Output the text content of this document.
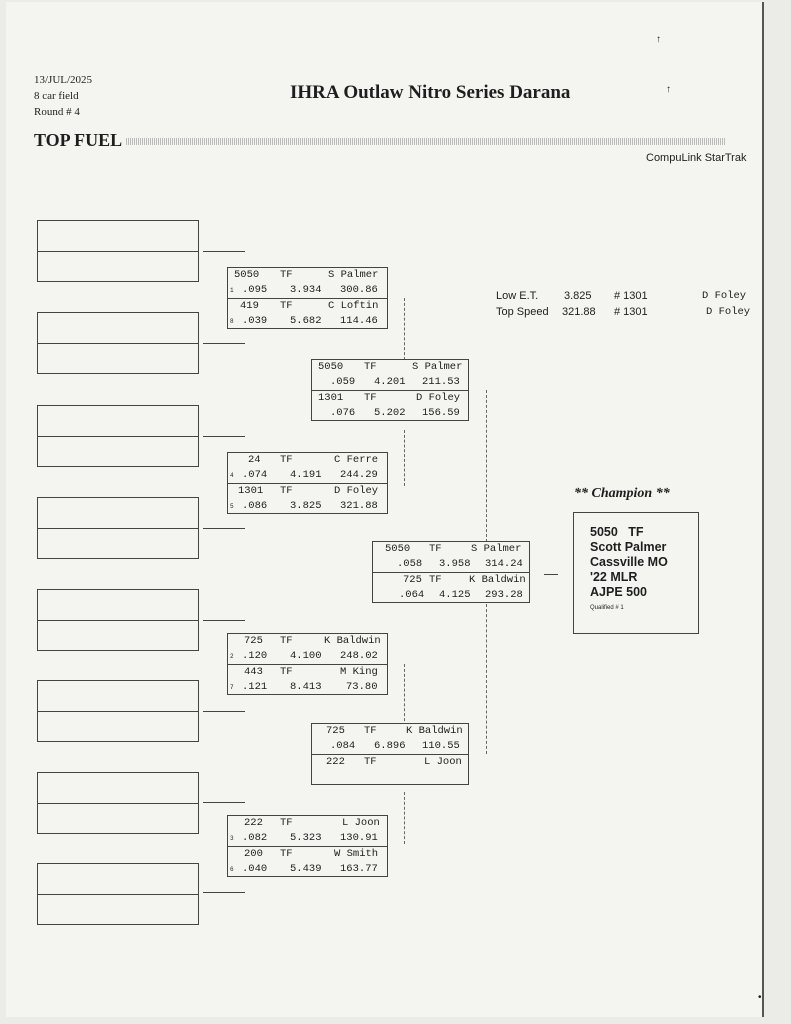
13/JUL/2025
8 car field
Round # 4
IHRA Outlaw Nitro Series Darana
TOP FUEL
CompuLink StarTrak
↑
↑
•
5050 TF	S Palmer
1 .095 3.934 300.86
419 TF	C Loftin
8 .039 5.682 114.46
24 TF	C Ferre
4 .074 4.191 244.29
1301 TF	D Foley
5 .086 3.825 321.88
725 TF	K Baldwin
2 .120 4.100 248.02
443 TF	M King
7 .121 8.413 73.80
222 TF	L Joon
3 .082 5.323 130.91
200 TF	W Smith
6 .040 5.439 163.77
5050 TF	S Palmer
.059 4.201 211.53
1301 TF	D Foley
.076 5.202 156.59
725 TF	K Baldwin
.084 6.896 110.55
222 TF	L Joon
5050 TF	S Palmer
.058 3.958 314.24
725 TF	K Baldwin
.064 4.125 293.28
Low E.T. 3.825 # 1301	D Foley
Top Speed 321.88 # 1301	D Foley
** Champion **
5050   TF
Scott Palmer
Cassville MO
'22 MLR
AJPE 500
Qualified # 1
